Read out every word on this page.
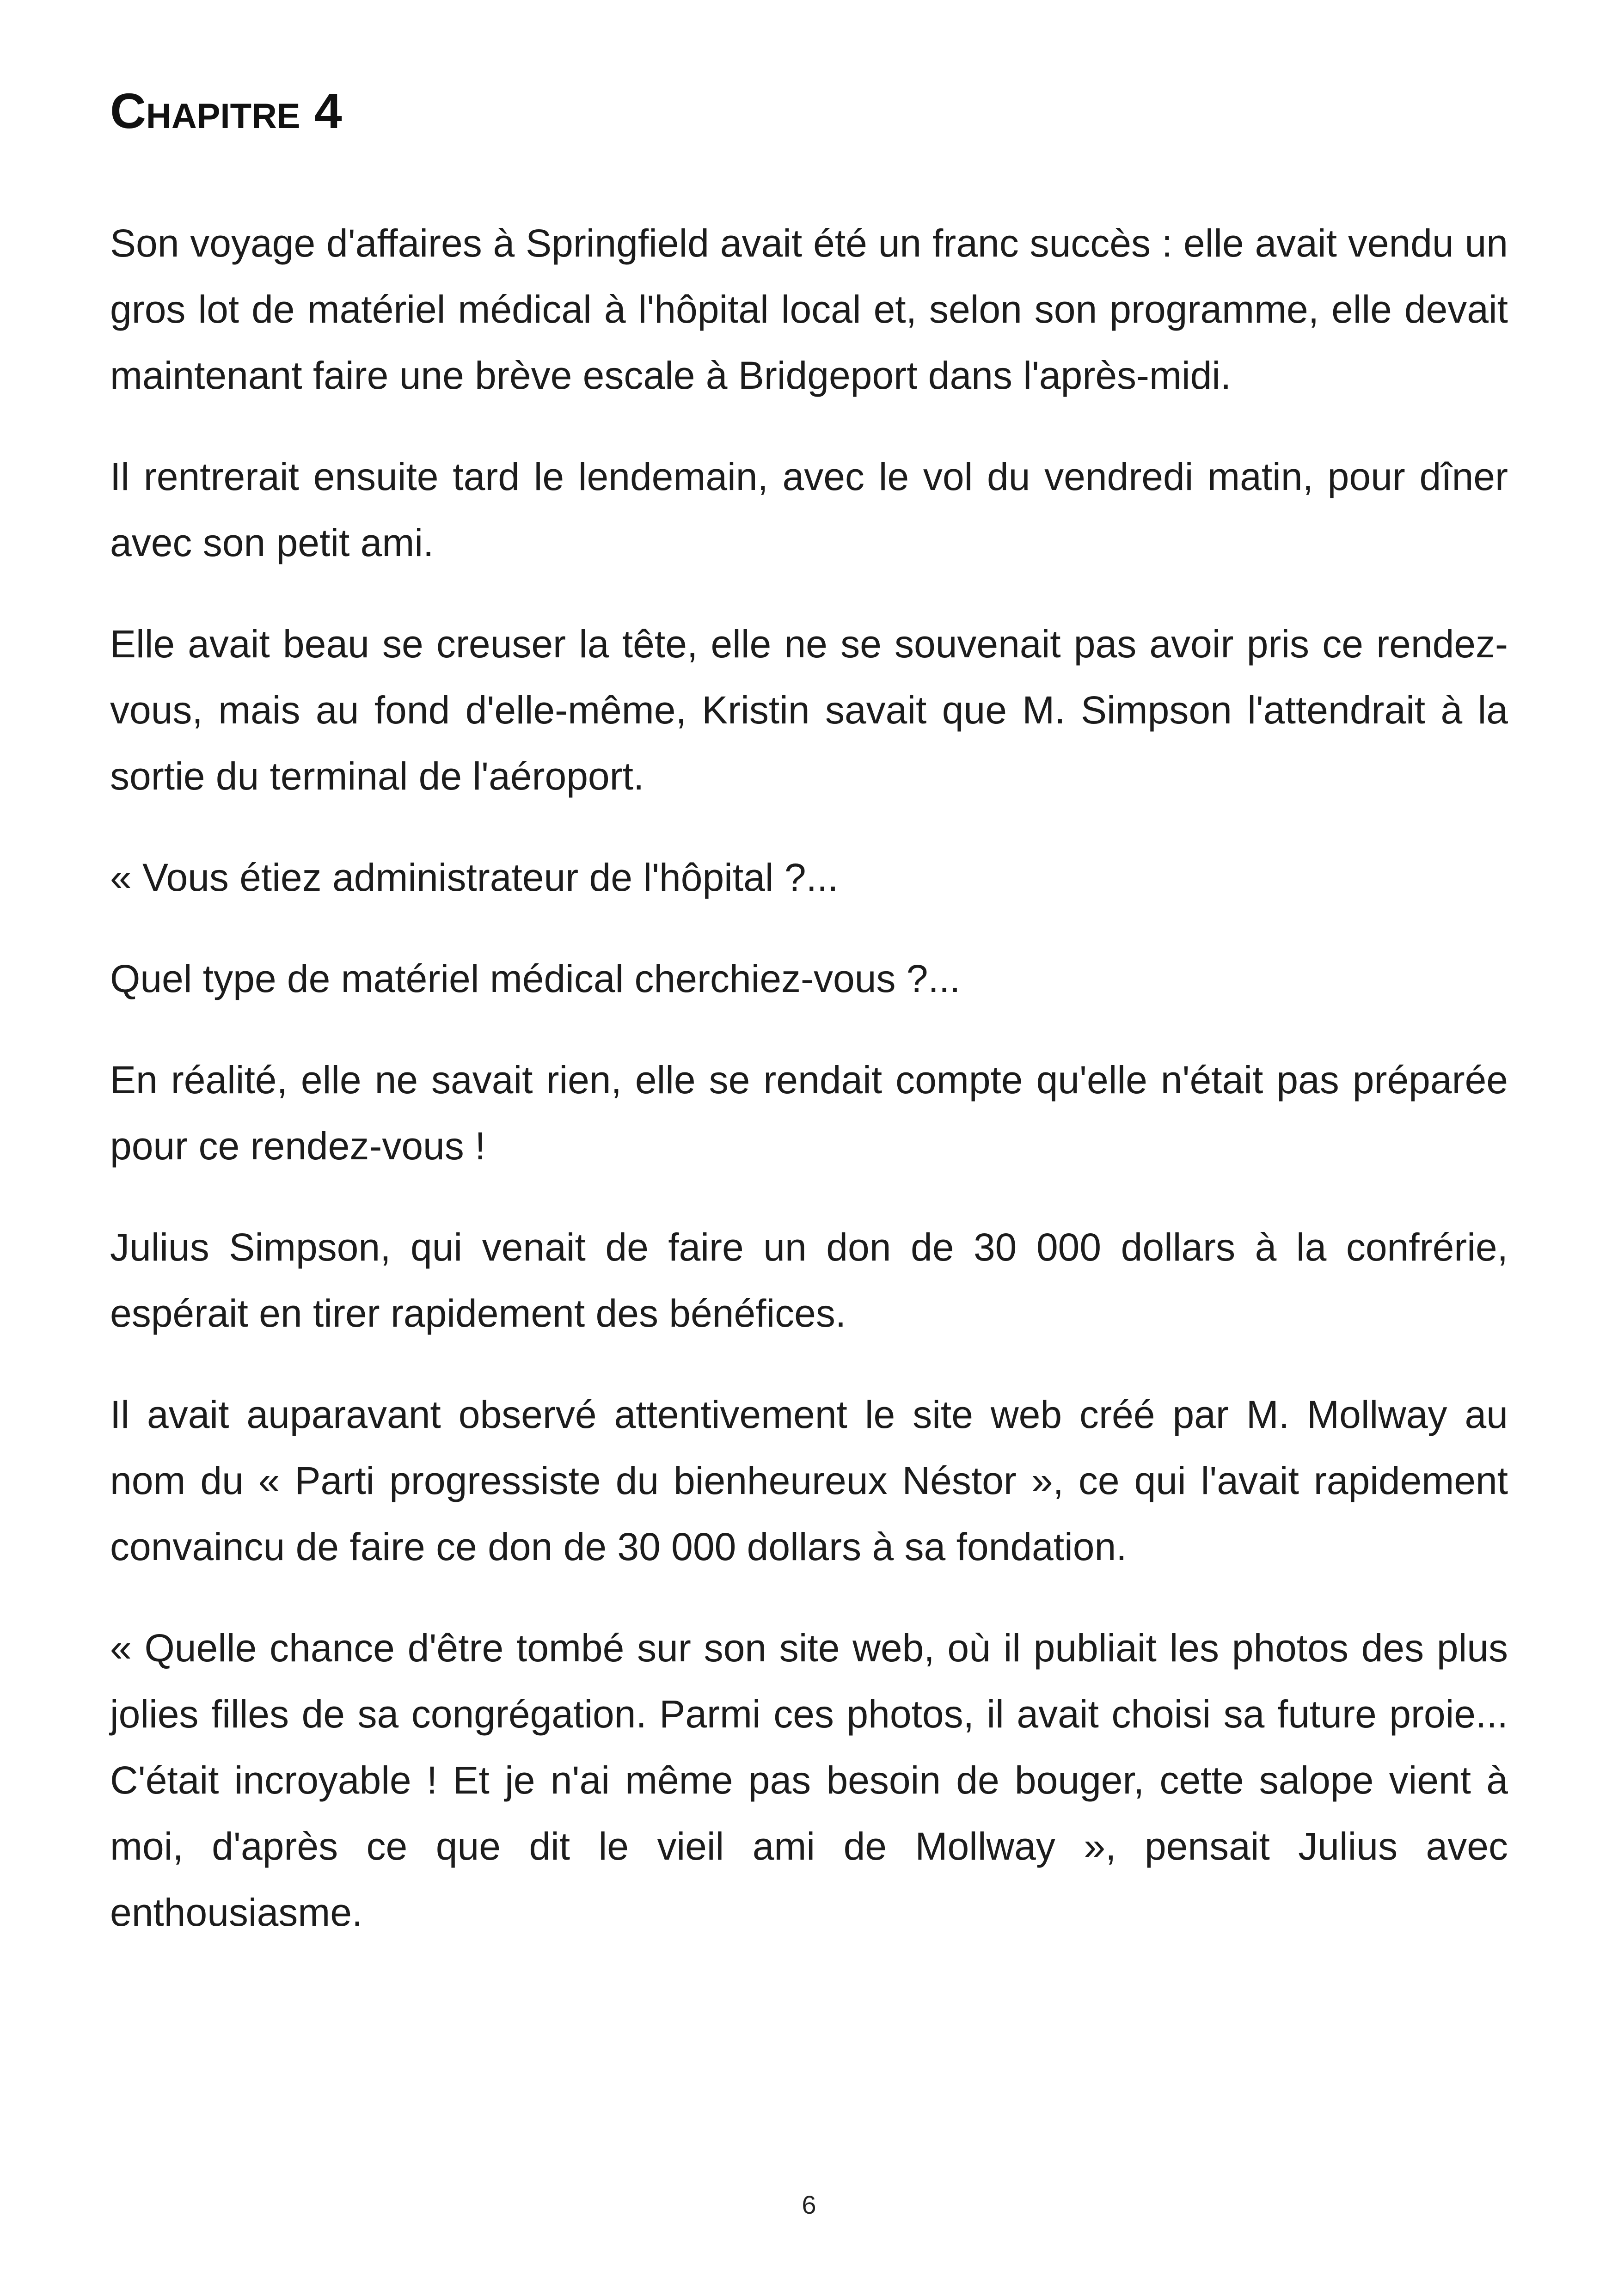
Chapitre 4

Son voyage d'affaires à Springfield avait été un franc succès : elle avait vendu un gros lot de matériel médical à l'hôpital local et, selon son programme, elle devait maintenant faire une brève escale à Bridgeport dans l'après-midi.

Il rentrerait ensuite tard le lendemain, avec le vol du vendredi matin, pour dîner avec son petit ami.

Elle avait beau se creuser la tête, elle ne se souvenait pas avoir pris ce rendez-vous, mais au fond d'elle-même, Kristin savait que M. Simpson l'attendrait à la sortie du terminal de l'aéroport.

« Vous étiez administrateur de l'hôpital ?...

Quel type de matériel médical cherchiez-vous ?...

En réalité, elle ne savait rien, elle se rendait compte qu'elle n'était pas préparée pour ce rendez-vous !

Julius Simpson, qui venait de faire un don de 30 000 dollars à la confrérie, espérait en tirer rapidement des bénéfices.

Il avait auparavant observé attentivement le site web créé par M. Mollway au nom du « Parti progressiste du bienheureux Néstor », ce qui l'avait rapidement convaincu de faire ce don de 30 000 dollars à sa fondation.

« Quelle chance d'être tombé sur son site web, où il publiait les photos des plus jolies filles de sa congrégation. Parmi ces photos, il avait choisi sa future proie... C'était incroyable ! Et je n'ai même pas besoin de bouger, cette salope vient à moi, d'après ce que dit le vieil ami de Mollway », pensait Julius avec enthousiasme.

6
